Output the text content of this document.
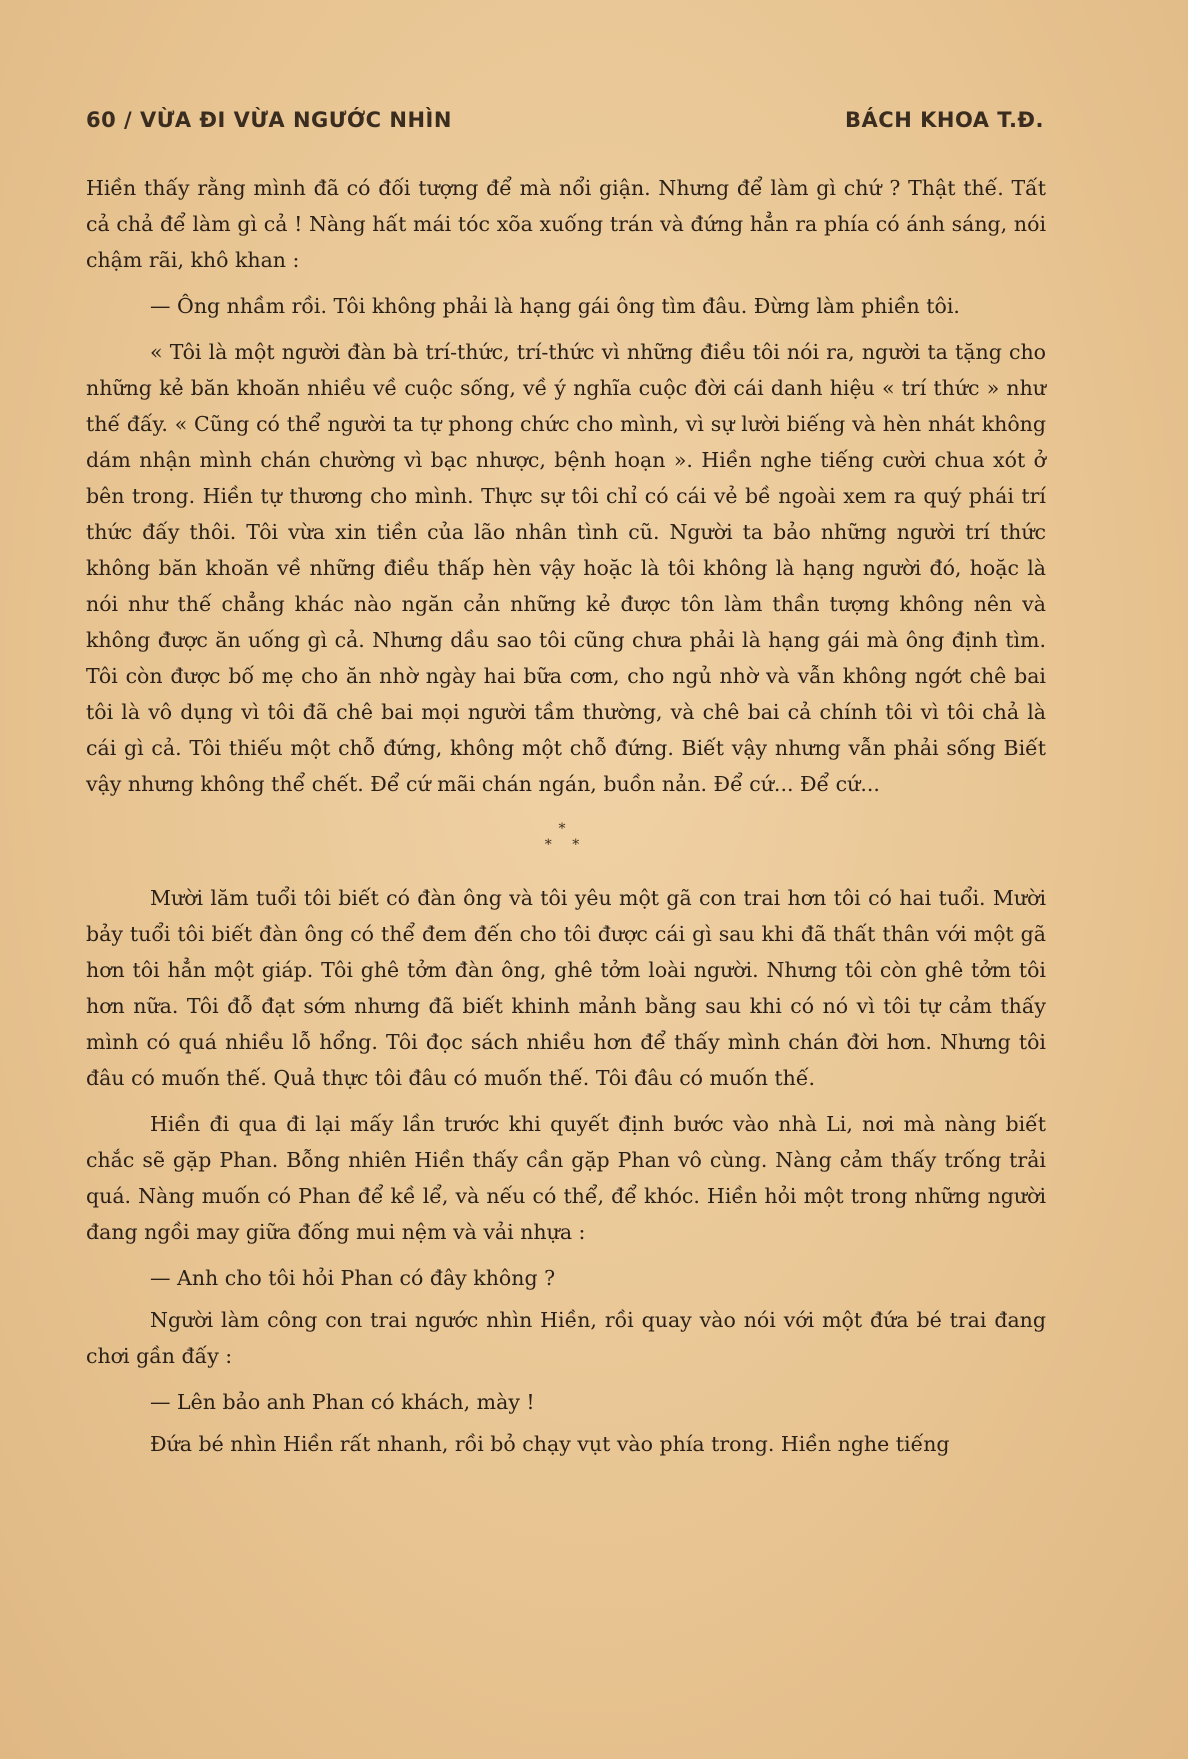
60 / VỪA ĐI VỪA NGƯỚC NHÌN	BÁCH KHOA T.Đ.

Hiền thấy rằng mình đã có đối tượng để mà nổi giận. Nhưng để làm gì chứ ? Thật thế. Tất cả chả để làm gì cả ! Nàng hất mái tóc xõa xuống trán và đứng hẳn ra phía có ánh sáng, nói chậm rãi, khô khan :

— Ông nhầm rồi. Tôi không phải là hạng gái ông tìm đâu. Đừng làm phiền tôi.

« Tôi là một người đàn bà trí-thức, trí-thức vì những điều tôi nói ra, người ta tặng cho những kẻ băn khoăn nhiều về cuộc sống, về ý nghĩa cuộc đời cái danh hiệu « trí thức » như thế đấy. « Cũng có thể người ta tự phong chức cho mình, vì sự lười biếng và hèn nhát không dám nhận mình chán chường vì bạc nhược, bệnh hoạn ». Hiền nghe tiếng cười chua xót ở bên trong. Hiền tự thương cho mình. Thực sự tôi chỉ có cái vẻ bề ngoài xem ra quý phái trí thức đấy thôi. Tôi vừa xin tiền của lão nhân tình cũ. Người ta bảo những người trí thức không băn khoăn về những điều thấp hèn vậy hoặc là tôi không là hạng người đó, hoặc là nói như thế chẳng khác nào ngăn cản những kẻ được tôn làm thần tượng không nên và không được ăn uống gì cả. Nhưng dầu sao tôi cũng chưa phải là hạng gái mà ông định tìm. Tôi còn được bố mẹ cho ăn nhờ ngày hai bữa cơm, cho ngủ nhờ và vẫn không ngớt chê bai tôi là vô dụng vì tôi đã chê bai mọi người tầm thường, và chê bai cả chính tôi vì tôi chả là cái gì cả. Tôi thiếu một chỗ đứng, không một chỗ đứng. Biết vậy nhưng vẫn phải sống Biết vậy nhưng không thể chết. Để cứ mãi chán ngán, buồn nản. Để cứ... Để cứ...

*
* *

Mười lăm tuổi tôi biết có đàn ông và tôi yêu một gã con trai hơn tôi có hai tuổi. Mười bảy tuổi tôi biết đàn ông có thể đem đến cho tôi được cái gì sau khi đã thất thân với một gã hơn tôi hẳn một giáp. Tôi ghê tởm đàn ông, ghê tởm loài người. Nhưng tôi còn ghê tởm tôi hơn nữa. Tôi đỗ đạt sớm nhưng đã biết khinh mảnh bằng sau khi có nó vì tôi tự cảm thấy mình có quá nhiều lỗ hổng. Tôi đọc sách nhiều hơn để thấy mình chán đời hơn. Nhưng tôi đâu có muốn thế. Quả thực tôi đâu có muốn thế. Tôi đâu có muốn thế.

Hiền đi qua đi lại mấy lần trước khi quyết định bước vào nhà Li, nơi mà nàng biết chắc sẽ gặp Phan. Bỗng nhiên Hiền thấy cần gặp Phan vô cùng. Nàng cảm thấy trống trải quá. Nàng muốn có Phan để kề lể, và nếu có thể, để khóc. Hiền hỏi một trong những người đang ngồi may giữa đống mui nệm và vải nhựa :

— Anh cho tôi hỏi Phan có đây không ?

Người làm công con trai ngước nhìn Hiền, rồi quay vào nói với một đứa bé trai đang chơi gần đấy :

— Lên bảo anh Phan có khách, mày !

Đứa bé nhìn Hiền rất nhanh, rồi bỏ chạy vụt vào phía trong. Hiền nghe tiếng
